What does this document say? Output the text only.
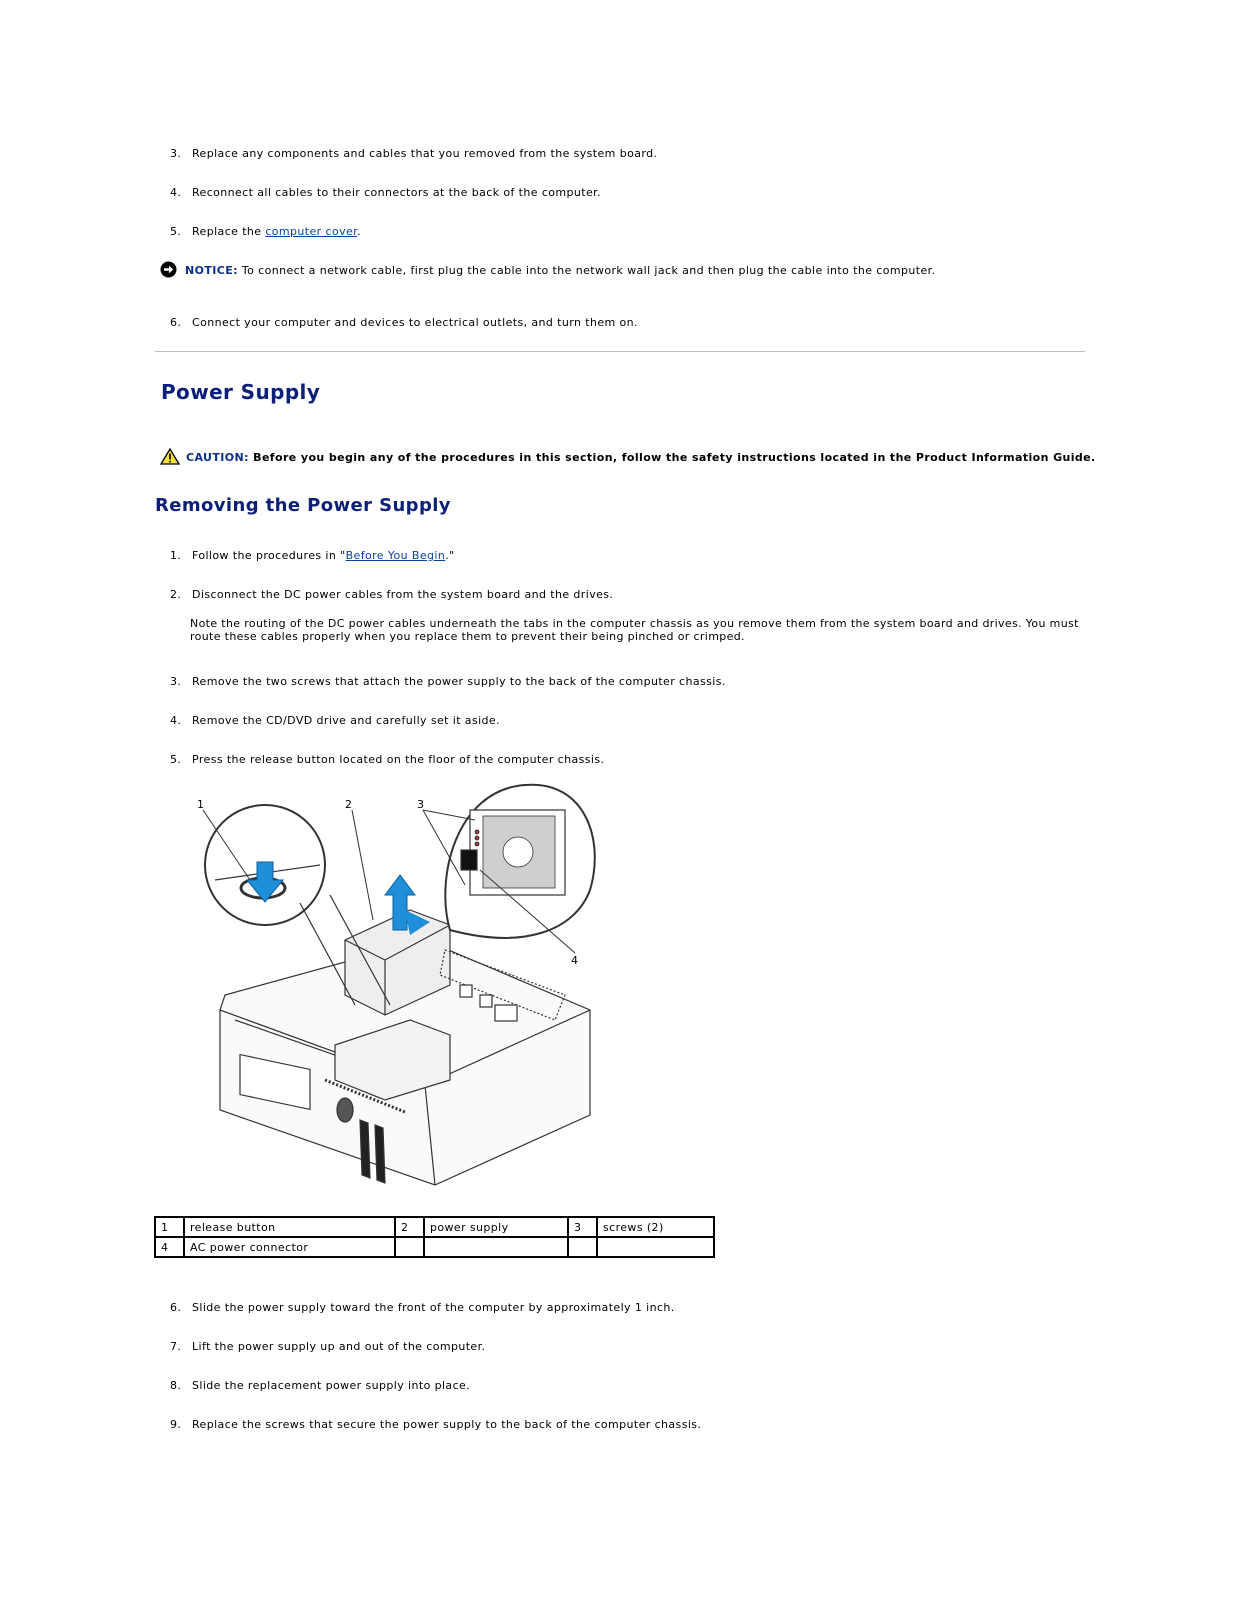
3. Replace any components and cables that you removed from the system board.
4. Reconnect all cables to their connectors at the back of the computer.
5. Replace the computer cover.
NOTICE: To connect a network cable, first plug the cable into the network wall jack and then plug the cable into the computer.
6. Connect your computer and devices to electrical outlets, and turn them on.
Power Supply
CAUTION: Before you begin any of the procedures in this section, follow the safety instructions located in the Product Information Guide.
Removing the Power Supply
1. Follow the procedures in "Before You Begin."
2. Disconnect the DC power cables from the system board and the drives.
Note the routing of the DC power cables underneath the tabs in the computer chassis as you remove them from the system board and drives. You must route these cables properly when you replace them to prevent their being pinched or crimped.
3. Remove the two screws that attach the power supply to the back of the computer chassis.
4. Remove the CD/DVD drive and carefully set it aside.
5. Press the release button located on the floor of the computer chassis.
1	2	3
4
1	release button	2	power supply	3	screws (2)
4	AC power connector				
6. Slide the power supply toward the front of the computer by approximately 1 inch.
7. Lift the power supply up and out of the computer.
8. Slide the replacement power supply into place.
9. Replace the screws that secure the power supply to the back of the computer chassis.
